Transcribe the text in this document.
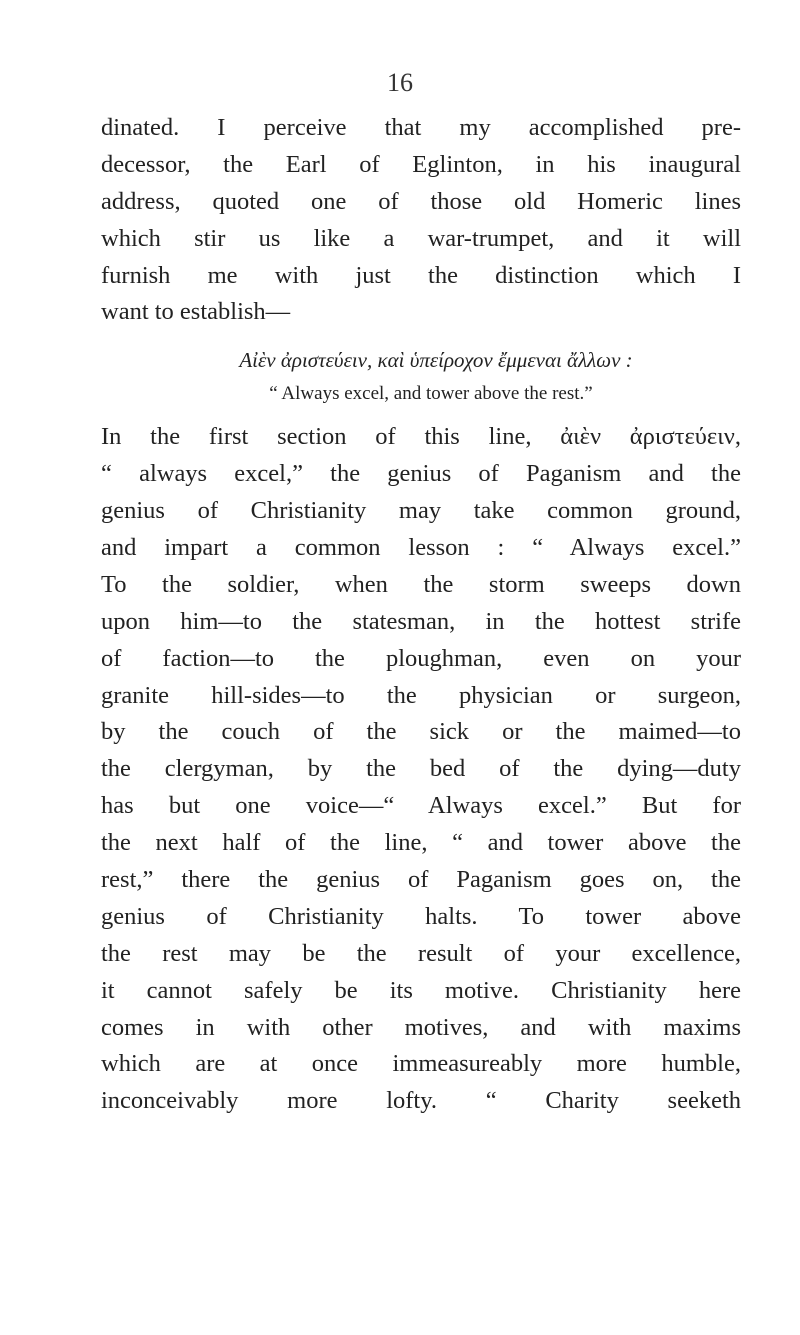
16
dinated. I perceive that my accomplished pre-
decessor, the Earl of Eglinton, in his inaugural
address, quoted one of those old Homeric lines
which stir us like a war-trumpet, and it will
furnish me with just the distinction which I
want to establish—
Αἰὲν ἀριστεύειν, καὶ ὑπείροχον ἔμμεναι ἄλλων :
“ Always excel, and tower above the rest.”
In the first section of this line, ἀιὲν ἀριστεύειν,
“ always excel,” the genius of Paganism and the
genius of Christianity may take common ground,
and impart a common lesson : “ Always excel.”
To the soldier, when the storm sweeps down
upon him—to the statesman, in the hottest strife
of faction—to the ploughman, even on your
granite hill-sides—to the physician or surgeon,
by the couch of the sick or the maimed—to
the clergyman, by the bed of the dying—duty
has but one voice—“ Always excel.” But for
the next half of the line, “ and tower above the
rest,” there the genius of Paganism goes on, the
genius of Christianity halts. To tower above
the rest may be the result of your excellence,
it cannot safely be its motive. Christianity here
comes in with other motives, and with maxims
which are at once immeasureably more humble,
inconceivably more lofty. “ Charity seeketh
